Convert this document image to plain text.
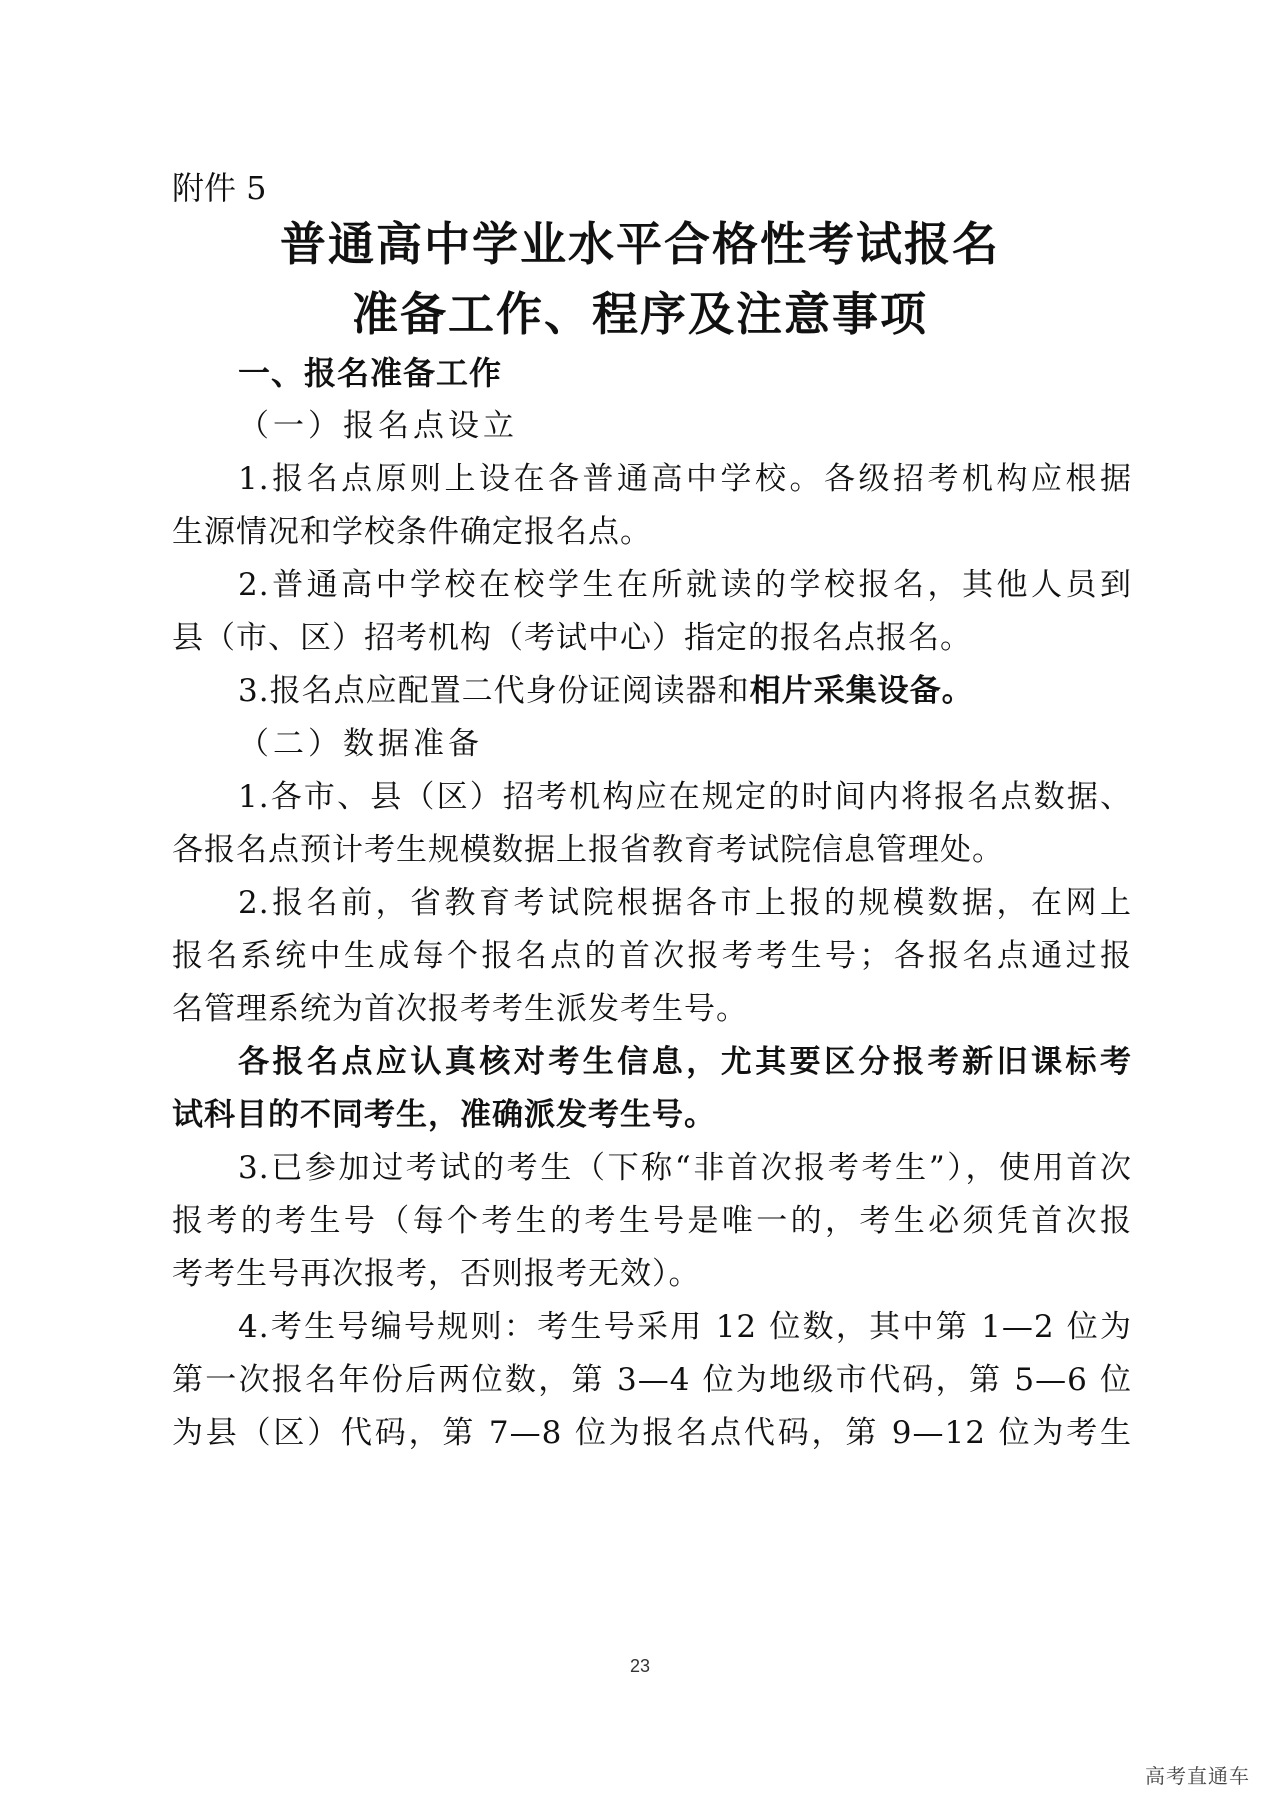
附件 5
普通高中学业水平合格性考试报名
准备工作、程序及注意事项
一、报名准备工作
（一）报名点设立
1.报名点原则上设在各普通高中学校。各级招考机构应根据
生源情况和学校条件确定报名点。
2.普通高中学校在校学生在所就读的学校报名，其他人员到
县（市、区）招考机构（考试中心）指定的报名点报名。
3.报名点应配置二代身份证阅读器和相片采集设备。
（二）数据准备
1.各市、县（区）招考机构应在规定的时间内将报名点数据、
各报名点预计考生规模数据上报省教育考试院信息管理处。
2.报名前，省教育考试院根据各市上报的规模数据，在网上
报名系统中生成每个报名点的首次报考考生号；各报名点通过报
名管理系统为首次报考考生派发考生号。
各报名点应认真核对考生信息，尤其要区分报考新旧课标考
试科目的不同考生，准确派发考生号。
3.已参加过考试的考生（下称“非首次报考考生”），使用首次
报考的考生号（每个考生的考生号是唯一的，考生必须凭首次报
考考生号再次报考，否则报考无效）。
4.考生号编号规则：考生号采用 12 位数，其中第 1—2 位为
第一次报名年份后两位数，第 3—4 位为地级市代码，第 5—6 位
为县（区）代码，第 7—8 位为报名点代码，第 9—12 位为考生
23
高考直通车
